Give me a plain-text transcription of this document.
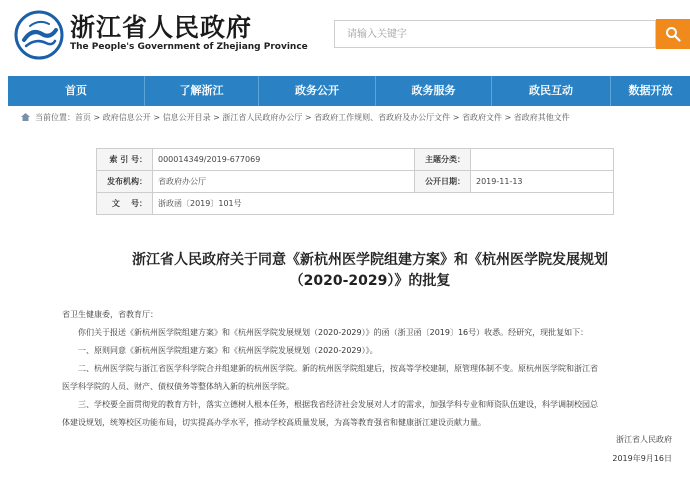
浙江省人民政府
The People's Government of Zhejiang Province
请输入关键字
首页	了解浙江	政务公开	政务服务	政民互动	数据开放
当前位置：首页 > 政府信息公开 > 信息公开目录 > 浙江省人民政府办公厅 > 省政府工作规则、省政府及办公厅文件 > 省政府文件 > 省政府其他文件
索 引 号：	000014349/2019-677069	主题分类：	
发布机构：	省政府办公厅	公开日期：	2019-11-13
文    号：	浙政函〔2019〕101号		
浙江省人民政府关于同意《新杭州医学院组建方案》和《杭州医学院发展规划
（2020-2029）》的批复
省卫生健康委，省教育厅：
你们关于报送《新杭州医学院组建方案》和《杭州医学院发展规划（2020-2029）》的函（浙卫函〔2019〕16号）收悉。经研究，现批复如下：
一、原则同意《新杭州医学院组建方案》和《杭州医学院发展规划（2020-2029）》。
二、杭州医学院与浙江省医学科学院合并组建新的杭州医学院。新的杭州医学院组建后，按高等学校建制，原管理体制不变。原杭州医学院和浙江省
医学科学院的人员、财产、债权债务等整体纳入新的杭州医学院。
三、学校要全面贯彻党的教育方针，落实立德树人根本任务，根据我省经济社会发展对人才的需求，加强学科专业和师资队伍建设，科学调制校园总
体建设规划，统筹校区功能布局，切实提高办学水平，推动学校高质量发展，为高等教育强省和健康浙江建设贡献力量。
浙江省人民政府
2019年9月16日
